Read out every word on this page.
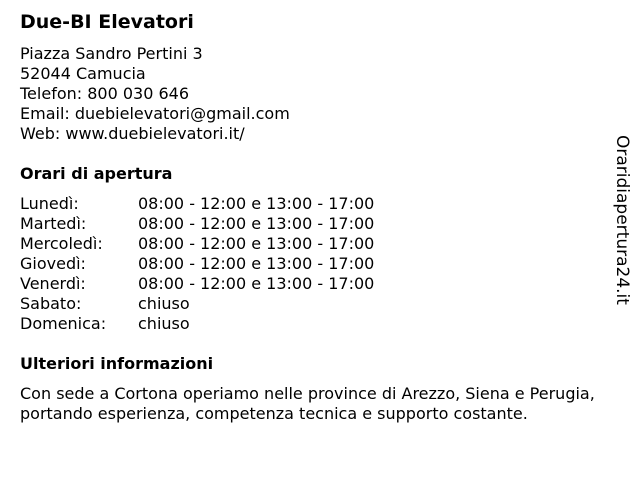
Due-BI Elevatori
Piazza Sandro Pertini 3
52044 Camucia
Telefon: 800 030 646
Email: duebielevatori@gmail.com
Web: www.duebielevatori.it/
Orari di apertura
Lunedì:	08:00 - 12:00 e 13:00 - 17:00
Martedì:	08:00 - 12:00 e 13:00 - 17:00
Mercoledì:	08:00 - 12:00 e 13:00 - 17:00
Giovedì:	08:00 - 12:00 e 13:00 - 17:00
Venerdì:	08:00 - 12:00 e 13:00 - 17:00
Sabato:	chiuso
Domenica:	chiuso
Ulteriori informazioni
Con sede a Cortona operiamo nelle province di Arezzo, Siena e Perugia, portando esperienza, competenza tecnica e supporto costante.
Oraridiapertura24.it
